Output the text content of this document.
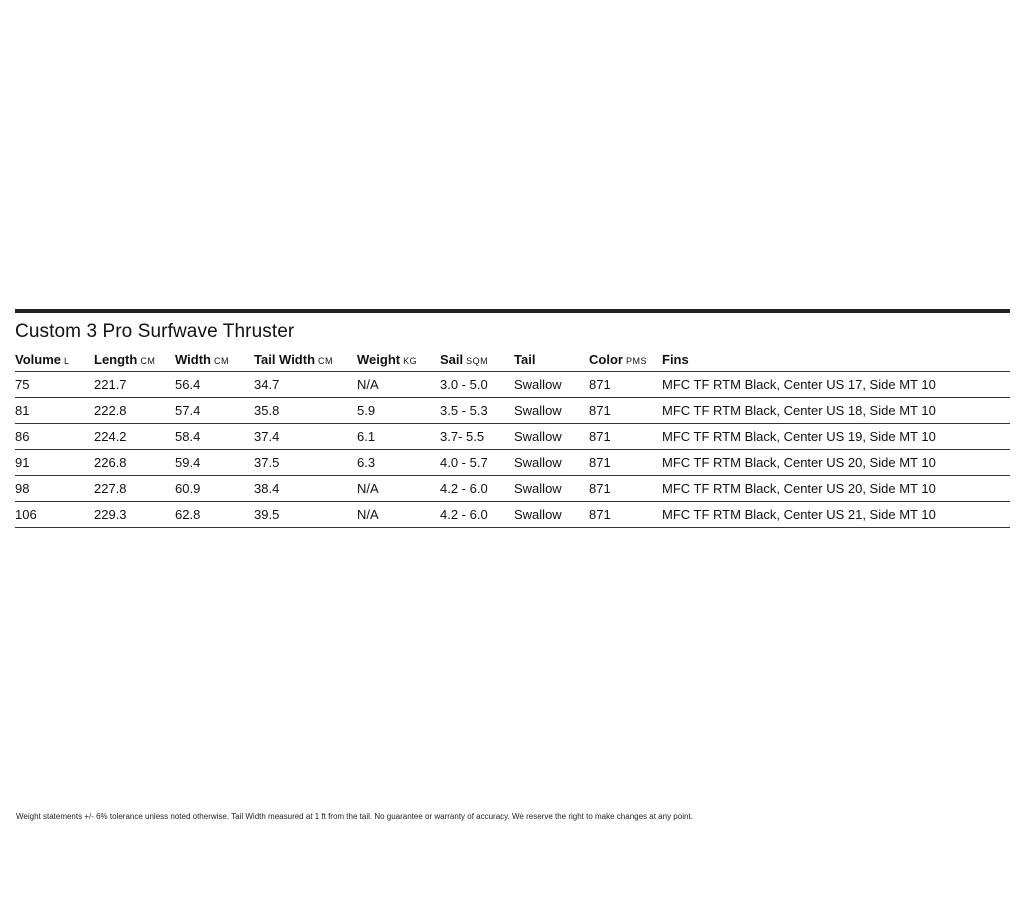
Custom 3 Pro Surfwave Thruster
Volume L	Length CM	Width CM	Tail Width CM	Weight KG	Sail SQM	Tail	Color PMS	Fins
75	221.7	56.4	34.7	N/A	3.0 - 5.0	Swallow	871	MFC TF RTM Black, Center US 17, Side MT 10
81	222.8	57.4	35.8	5.9	3.5 - 5.3	Swallow	871	MFC TF RTM Black, Center US 18, Side MT 10
86	224.2	58.4	37.4	6.1	3.7- 5.5	Swallow	871	MFC TF RTM Black, Center US 19, Side MT 10
91	226.8	59.4	37.5	6.3	4.0 - 5.7	Swallow	871	MFC TF RTM Black, Center US 20, Side MT 10
98	227.8	60.9	38.4	N/A	4.2 - 6.0	Swallow	871	MFC TF RTM Black, Center US 20, Side MT 10
106	229.3	62.8	39.5	N/A	4.2 - 6.0	Swallow	871	MFC TF RTM Black, Center US 21, Side MT 10
Weight statements +/- 6% tolerance unless noted otherwise. Tail Width measured at 1 ft from the tail. No guarantee or warranty of accuracy. We reserve the right to make changes at any point.
